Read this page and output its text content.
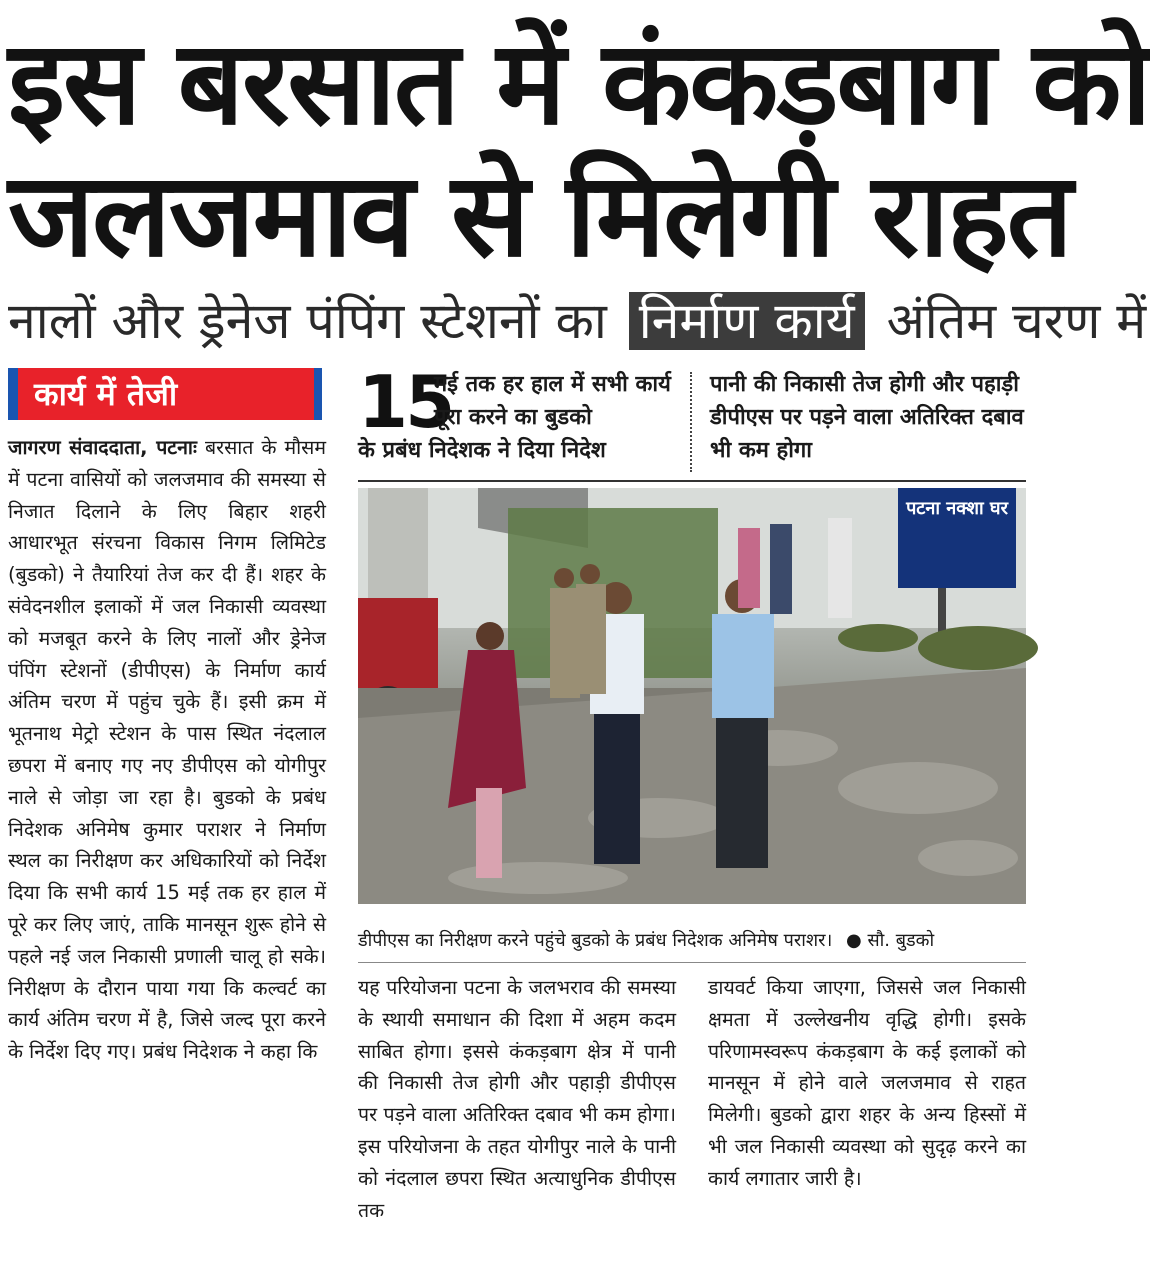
इस बरसात में कंकड़बाग को
जलजमाव से मिलेगी राहत
नालों और ड्रेनेज पंपिंग स्टेशनों का निर्माण कार्य अंतिम चरण में
कार्य में तेजी

जागरण संवाददाता, पटनाः बरसात के मौसम में पटना वासियों को जलजमाव की समस्या से निजात दिलाने के लिए बिहार शहरी आधारभूत संरचना विकास निगम लिमिटेड (बुडको) ने तैयारियां तेज कर दी हैं। शहर के संवेदनशील इलाकों में जल निकासी व्यवस्था को मजबूत करने के लिए नालों और ड्रेनेज पंपिंग स्टेशनों (डीपीएस) के निर्माण कार्य अंतिम चरण में पहुंच चुके हैं। इसी क्रम में भूतनाथ मेट्रो स्टेशन के पास स्थित नंदलाल छपरा में बनाए गए नए डीपीएस को योगीपुर नाले से जोड़ा जा रहा है। बुडको के प्रबंध निदेशक अनिमेष कुमार पराशर ने निर्माण स्थल का निरीक्षण कर अधिकारियों को निर्देश दिया कि सभी कार्य 15 मई तक हर हाल में पूरे कर लिए जाएं, ताकि मानसून शुरू होने से पहले नई जल निकासी प्रणाली चालू हो सके। निरीक्षण के दौरान पाया गया कि कल्वर्ट का कार्य अंतिम चरण में है, जिसे जल्द पूरा करने के निर्देश दिए गए। प्रबंध निदेशक ने कहा कि

15
मई तक हर हाल में सभी कार्य पूरा करने का बुडको
के प्रबंध निदेशक ने दिया निदेश
पानी की निकासी तेज होगी और पहाड़ी डीपीएस पर पड़ने वाला अतिरिक्त दबाव भी कम होगा
पटना नक्शा घर
डीपीएस का निरीक्षण करने पहुंचे बुडको के प्रबंध निदेशक अनिमेष पराशर। ● सौ. बुडको

यह परियोजना पटना के जलभराव की समस्या के स्थायी समाधान की दिशा में अहम कदम साबित होगा। इससे कंकड़बाग क्षेत्र में पानी की निकासी तेज होगी और पहाड़ी डीपीएस पर पड़ने वाला अतिरिक्त दबाव भी कम होगा। इस परियोजना के तहत योगीपुर नाले के पानी को नंदलाल छपरा स्थित अत्याधुनिक डीपीएस तक

डायवर्ट किया जाएगा, जिससे जल निकासी क्षमता में उल्लेखनीय वृद्धि होगी। इसके परिणामस्वरूप कंकड़बाग के कई इलाकों को मानसून में होने वाले जलजमाव से राहत मिलेगी। बुडको द्वारा शहर के अन्य हिस्सों में भी जल निकासी व्यवस्था को सुदृढ़ करने का कार्य लगातार जारी है।
